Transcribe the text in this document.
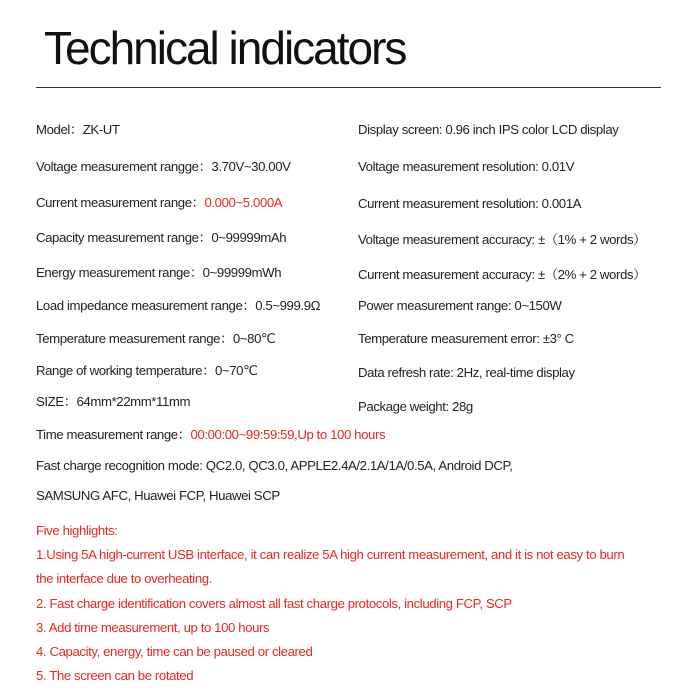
Technical indicators
Model：ZK-UT
Voltage measurement rangge：3.70V~30.00V
Current measurement range：0.000~5.000A
Capacity measurement range：0~99999mAh
Energy measurement range：0~99999mWh
Load impedance measurement range：0.5~999.9Ω
Temperature measurement range：0~80℃
Range of working temperature：0~70℃
SIZE：64mm*22mm*11mm
Display screen: 0.96 inch IPS color LCD display
Voltage measurement resolution: 0.01V
Current measurement resolution: 0.001A
Voltage measurement accuracy: ±（1% + 2 words）
Current measurement accuracy: ±（2% + 2 words）
Power measurement range: 0~150W
Temperature measurement error: ±3° C
Data refresh rate: 2Hz, real-time display
Package weight: 28g
Time measurement range：00:00:00~99:59:59,Up to 100 hours
Fast charge recognition mode: QC2.0, QC3.0, APPLE2.4A/2.1A/1A/0.5A, Android DCP,
SAMSUNG AFC, Huawei FCP, Huawei SCP
Five highlights:
1.Using 5A high-current USB interface, it can realize 5A high current measurement, and it is not easy to burn
the interface due to overheating.
2. Fast charge identification covers almost all fast charge protocols, including FCP, SCP
3. Add time measurement, up to 100 hours
4. Capacity, energy, time can be paused or cleared
5. The screen can be rotated
